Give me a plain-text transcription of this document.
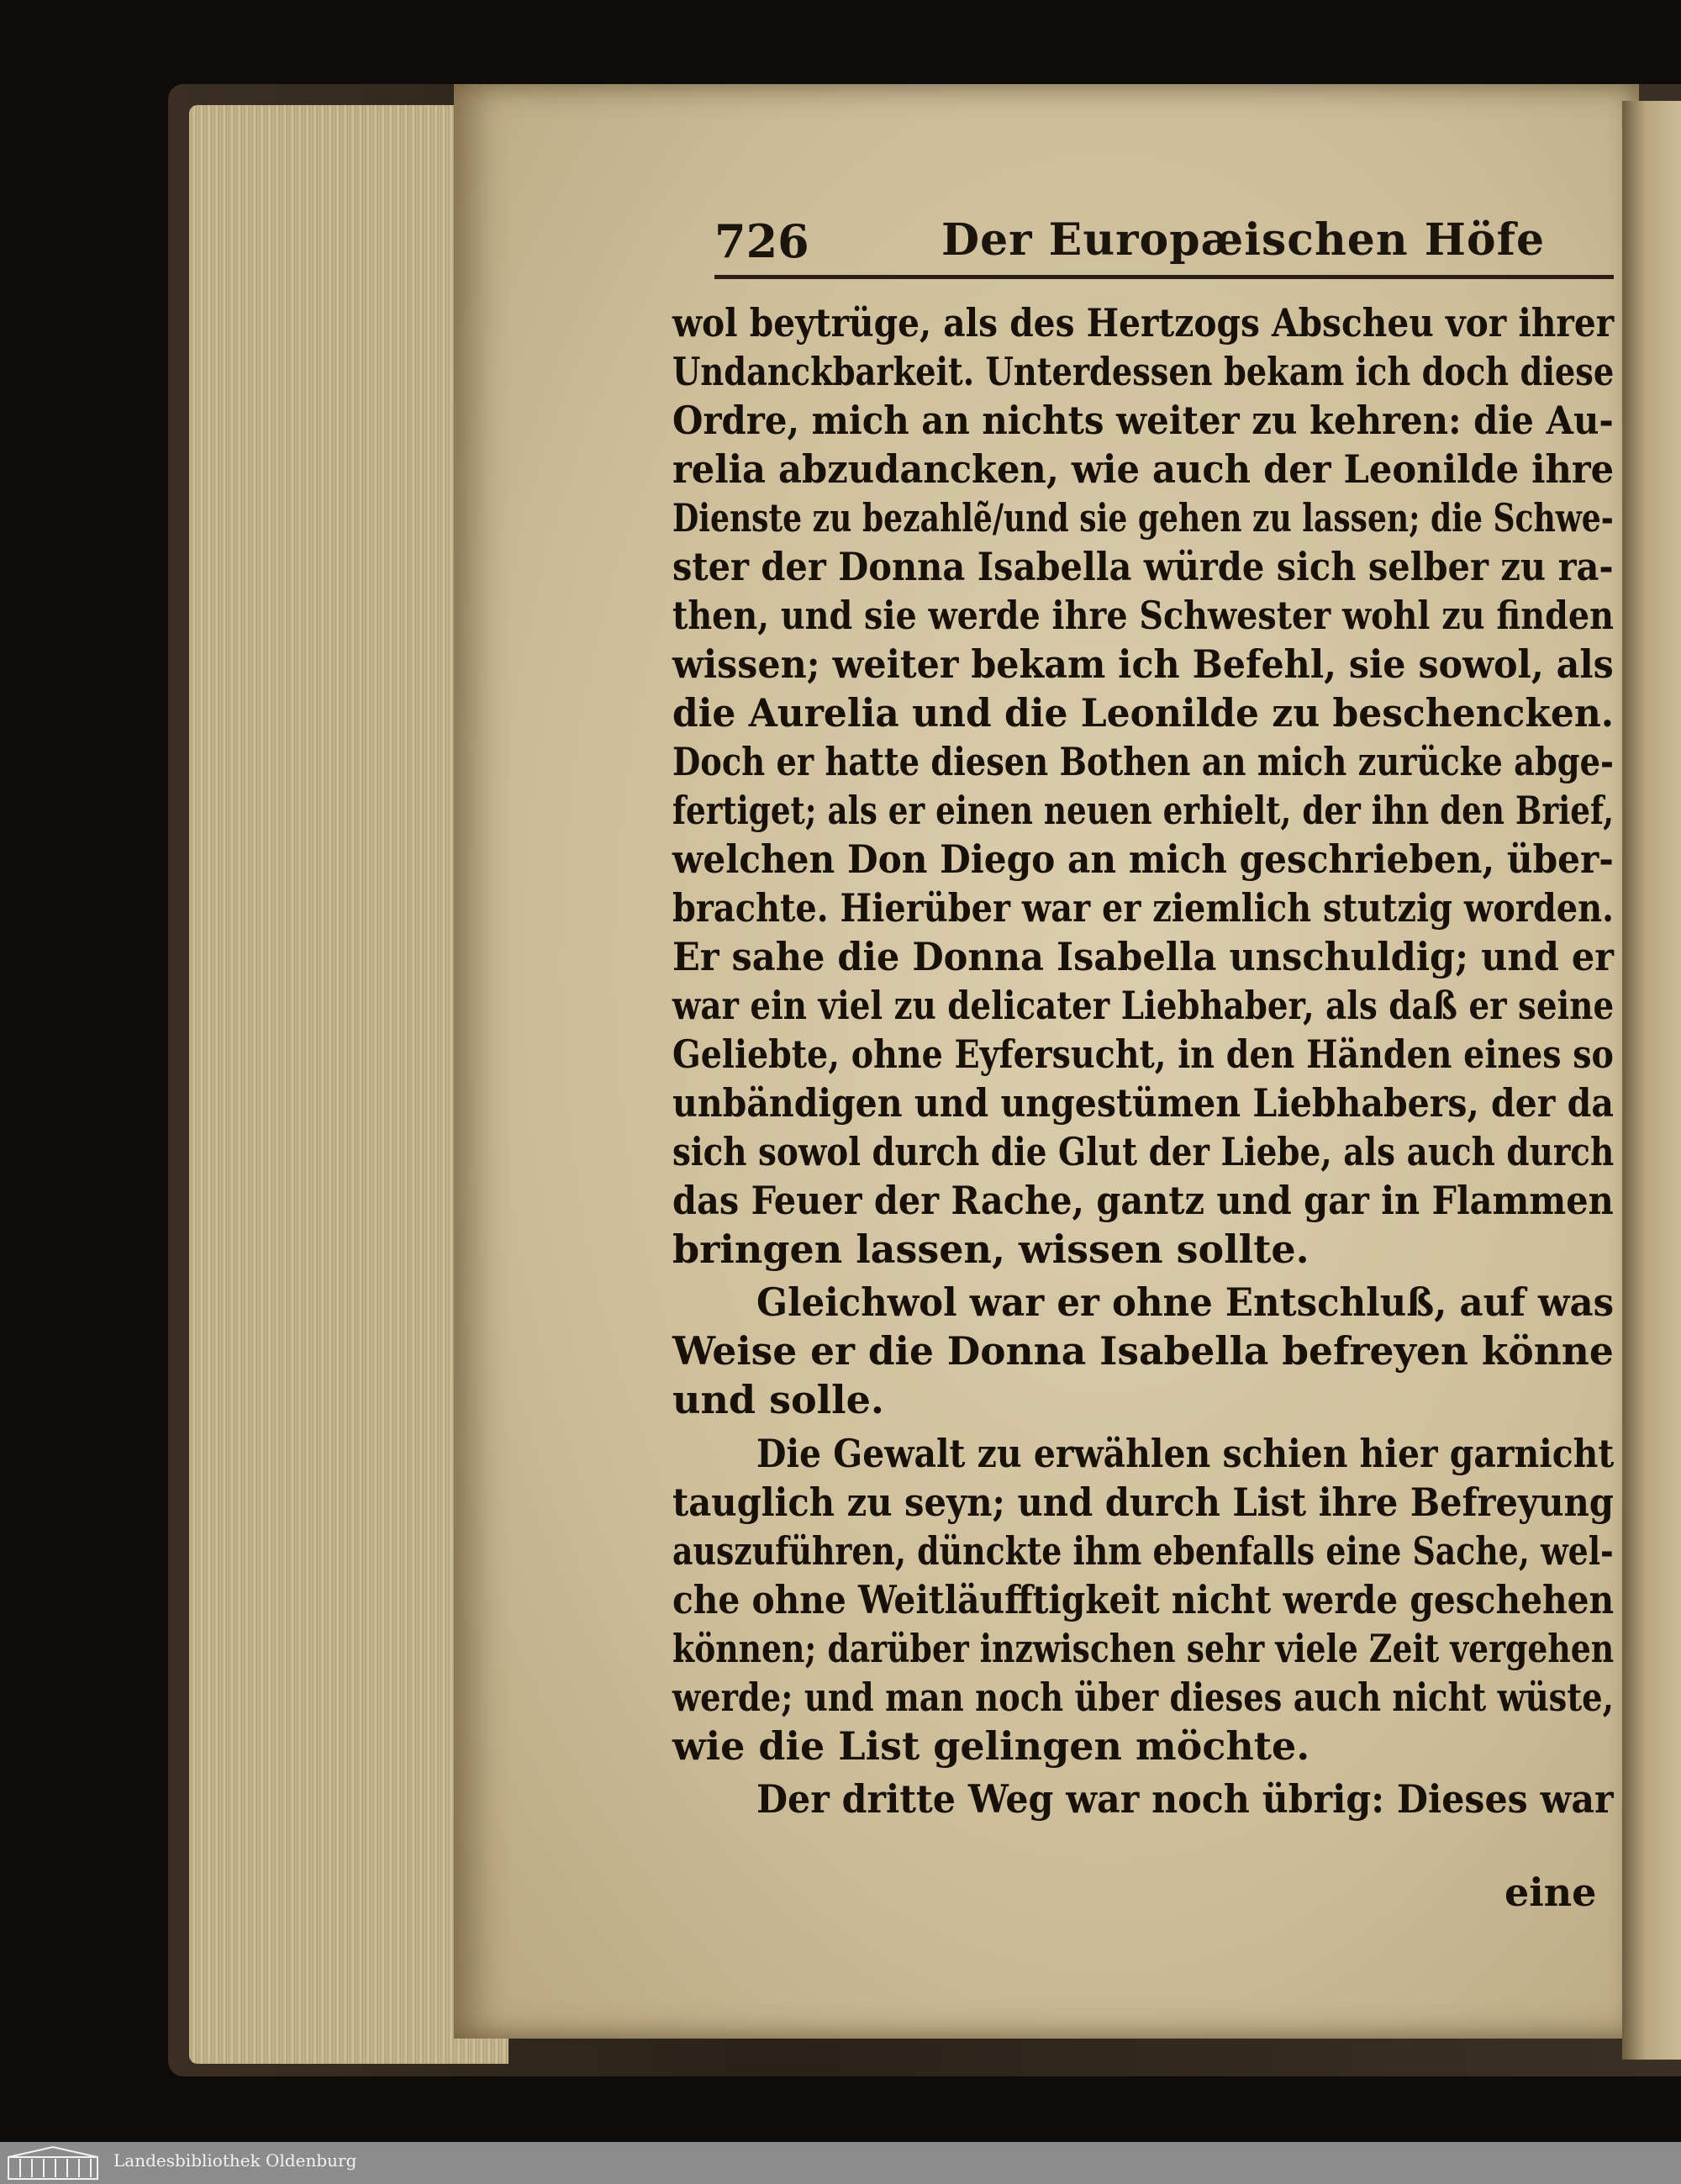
726	Der Europæischen Höfe
wol beytrüge, als des Hertzogs Abscheu vor ihrer
Undanckbarkeit. Unterdessen bekam ich doch diese
Ordre, mich an nichts weiter zu kehren: die Au-
relia abzudancken, wie auch der Leonilde ihre
Dienste zu bezahlẽ/und sie gehen zu lassen; die Schwe-
ster der Donna Isabella würde sich selber zu ra-
then, und sie werde ihre Schwester wohl zu finden
wissen; weiter bekam ich Befehl, sie sowol, als
die Aurelia und die Leonilde zu beschencken.
Doch er hatte diesen Bothen an mich zurücke abge-
fertiget; als er einen neuen erhielt, der ihn den Brief,
welchen Don Diego an mich geschrieben, über-
brachte. Hierüber war er ziemlich stutzig worden.
Er sahe die Donna Isabella unschuldig; und er
war ein viel zu delicater Liebhaber, als daß er seine
Geliebte, ohne Eyfersucht, in den Händen eines so
unbändigen und ungestümen Liebhabers, der da
sich sowol durch die Glut der Liebe, als auch durch
das Feuer der Rache, gantz und gar in Flammen
bringen lassen, wissen sollte.
Gleichwol war er ohne Entschluß, auf was
Weise er die Donna Isabella befreyen könne
und solle.
Die Gewalt zu erwählen schien hier garnicht
tauglich zu seyn; und durch List ihre Befreyung
auszuführen, dünckte ihm ebenfalls eine Sache, wel-
che ohne Weitläufftigkeit nicht werde geschehen
können; darüber inzwischen sehr viele Zeit vergehen
werde; und man noch über dieses auch nicht wüste,
wie die List gelingen möchte.
Der dritte Weg war noch übrig: Dieses war
eine
Landesbibliothek Oldenburg
